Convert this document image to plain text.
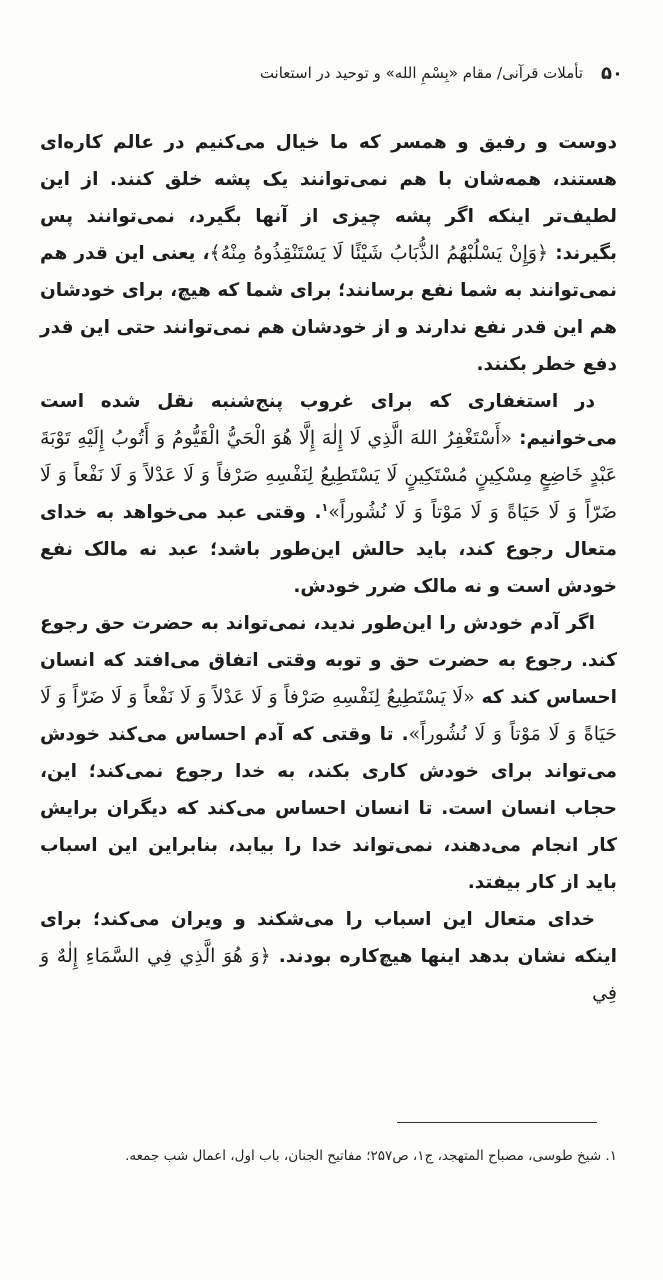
۵۰
تأملات قرآنی/ مقام «بِسْمِ الله» و توحید در استعانت

دوست و رفیق و همسر که ما خیال می‌کنیم در عالم کاره‌ای هستند، همه‌شان با هم نمی‌توانند یک پشه خلق کنند. از این لطیف‌تر اینکه اگر پشه چیزی از آنها بگیرد، نمی‌توانند پس بگیرند: ﴿وَإِنْ يَسْلُبْهُمُ الذُّبَابُ شَيْئًا لَا يَسْتَنْقِذُوهُ مِنْهُ﴾، یعنی این قدر هم نمی‌توانند به شما نفع برسانند؛ برای شما که هیچ، برای خودشان هم این قدر نفع ندارند و از خودشان هم نمی‌توانند حتی این قدر دفع خطر بکنند.

در استغفاری که برای غروب پنج‌شنبه نقل شده است می‌خوانیم: «أَسْتَغْفِرُ اللهَ الَّذِي لَا إِلٰهَ إِلَّا هُوَ الْحَيُّ الْقَيُّومُ وَ أَتُوبُ إِلَيْهِ تَوْبَةَ عَبْدٍ خَاضِعٍ مِسْكِينٍ مُسْتَكِينٍ لَا يَسْتَطِيعُ لِنَفْسِهِ صَرْفاً وَ لَا عَدْلاً وَ لَا نَفْعاً وَ لَا ضَرّاً وَ لَا حَيَاةً وَ لَا مَوْتاً وَ لَا نُشُوراً»$^۱$. وقتی عبد می‌خواهد به خدای متعال رجوع کند، باید حالش این‌طور باشد؛ عبد نه مالک نفع خودش است و نه مالک ضرر خودش.

اگر آدم خودش را این‌طور ندید، نمی‌تواند به حضرت حق رجوع کند. رجوع به حضرت حق و توبه وقتی اتفاق می‌افتد که انسان احساس کند که «لَا يَسْتَطِيعُ لِنَفْسِهِ صَرْفاً وَ لَا عَدْلاً وَ لَا نَفْعاً وَ لَا ضَرّاً وَ لَا حَيَاةً وَ لَا مَوْتاً وَ لَا نُشُوراً». تا وقتی که آدم احساس می‌کند خودش می‌تواند برای خودش کاری بکند، به خدا رجوع نمی‌کند؛ این، حجاب انسان است. تا انسان احساس می‌کند که دیگران برایش کار انجام می‌دهند، نمی‌تواند خدا را بیابد، بنابراین این اسباب باید از کار بیفتد.

خدای متعال این اسباب را می‌شکند و ویران می‌کند؛ برای اینکه نشان بدهد اینها هیچ‌کاره بودند. ﴿وَ هُوَ الَّذِي فِي السَّمَاءِ إِلٰهٌ وَ فِي

۱. شیخ طوسی، مصباح المتهجد، ج۱، ص۲۵۷؛ مفاتیح الجنان، باب اول، اعمال شب جمعه.
